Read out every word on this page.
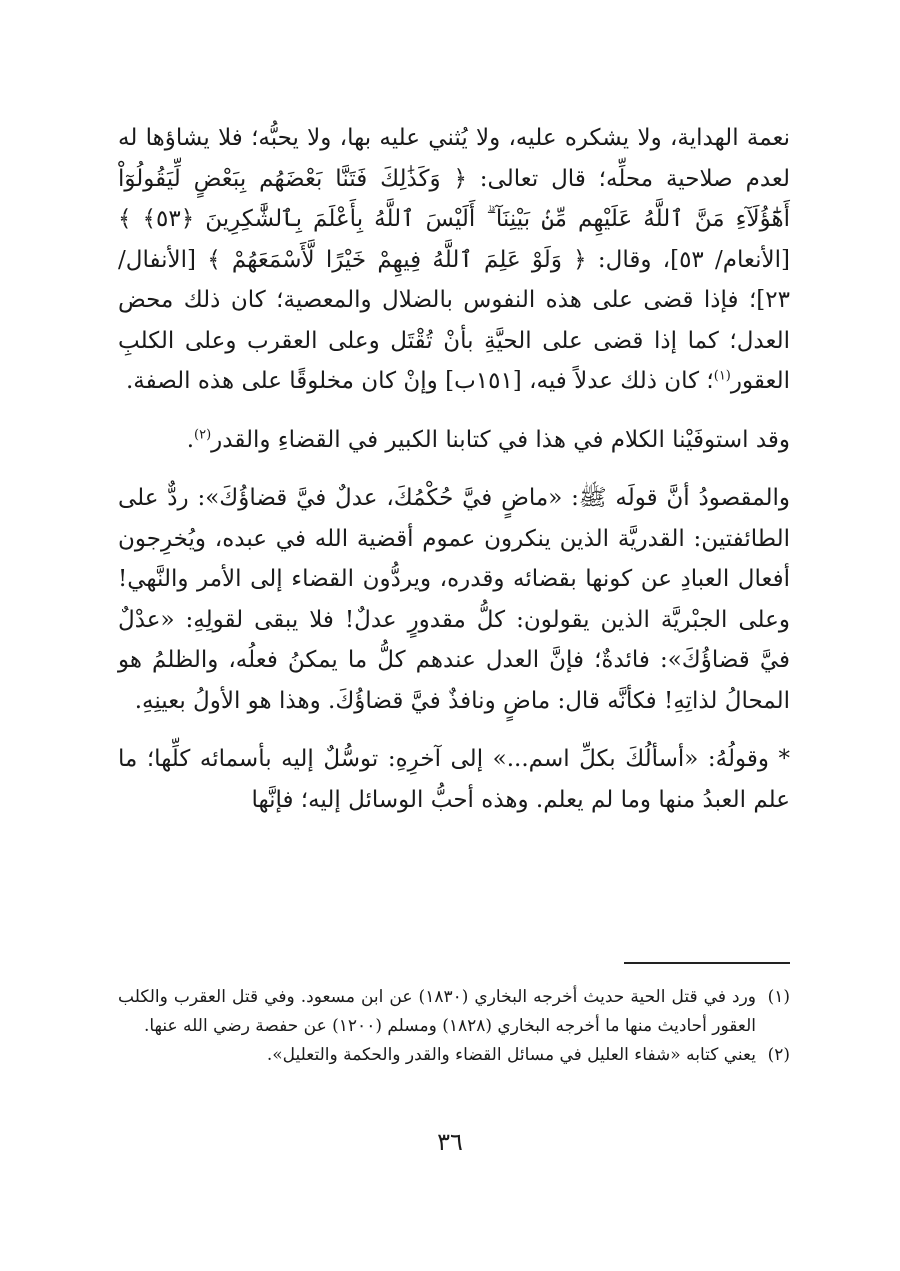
نعمة الهداية، ولا يشكره عليه، ولا يُثني عليه بها، ولا يحبُّه؛ فلا يشاؤها له لعدم صلاحية محلِّه؛ قال تعالى: ﴿ وَكَذَٰلِكَ فَتَنَّا بَعْضَهُم بِبَعْضٍ لِّيَقُولُوٓاْ أَهَٰٓؤُلَآءِ مَنَّ ٱللَّهُ عَلَيْهِم مِّنۢ بَيْنِنَآ ۗ أَلَيْسَ ٱللَّهُ بِأَعْلَمَ بِٱلشَّٰكِرِينَ ﴿٥٣﴾ ﴾ [الأنعام/ ٥٣]، وقال: ﴿ وَلَوْ عَلِمَ ٱللَّهُ فِيهِمْ خَيْرًا لَّأَسْمَعَهُمْ ﴾ [الأنفال/ ٢٣]؛ فإذا قضى على هذه النفوس بالضلال والمعصية؛ كان ذلك محض العدل؛ كما إذا قضى على الحيَّةِ بأنْ تُقْتَل وعلى العقرب وعلى الكلبِ العقور$^{(١)}$؛ كان ذلك عدلاً فيه، [١٥١ب] وإنْ كان مخلوقًا على هذه الصفة.

وقد استوفَيْنا الكلام في هذا في كتابنا الكبير في القضاءِ والقدر$^{(٢)}$.

والمقصودُ أنَّ قولَه ﷺ: «ماضٍ فيَّ حُكْمُكَ، عدلٌ فيَّ قضاؤُكَ»: ردٌّ على الطائفتين: القدريَّة الذين ينكرون عموم أقضية الله في عبده، ويُخرِجون أفعال العبادِ عن كونها بقضائه وقدره، ويردُّون القضاء إلى الأمر والنَّهي! وعلى الجبْريَّة الذين يقولون: كلُّ مقدورٍ عدلٌ! فلا يبقى لقولِهِ: «عدْلٌ فيَّ قضاؤُكَ»: فائدةٌ؛ فإنَّ العدل عندهم كلُّ ما يمكنُ فعلُه، والظلمُ هو المحالُ لذاتِهِ! فكأنَّه قال: ماضٍ ونافذٌ فيَّ قضاؤُكَ. وهذا هو الأولُ بعينِهِ.

* وقولُهُ: «أسألُكَ بكلِّ اسم...» إلى آخرِهِ: توسُّلٌ إليه بأسمائه كلِّها؛ ما علم العبدُ منها وما لم يعلم. وهذه أحبُّ الوسائل إليه؛ فإنَّها

(١)
ورد في قتل الحية حديث أخرجه البخاري (١٨٣٠) عن ابن مسعود. وفي قتل العقرب والكلب العقور أحاديث منها ما أخرجه البخاري (١٨٢٨) ومسلم (١٢٠٠) عن حفصة رضي الله عنها.
(٢)
يعني كتابه «شفاء العليل في مسائل القضاء والقدر والحكمة والتعليل».
٣٦
